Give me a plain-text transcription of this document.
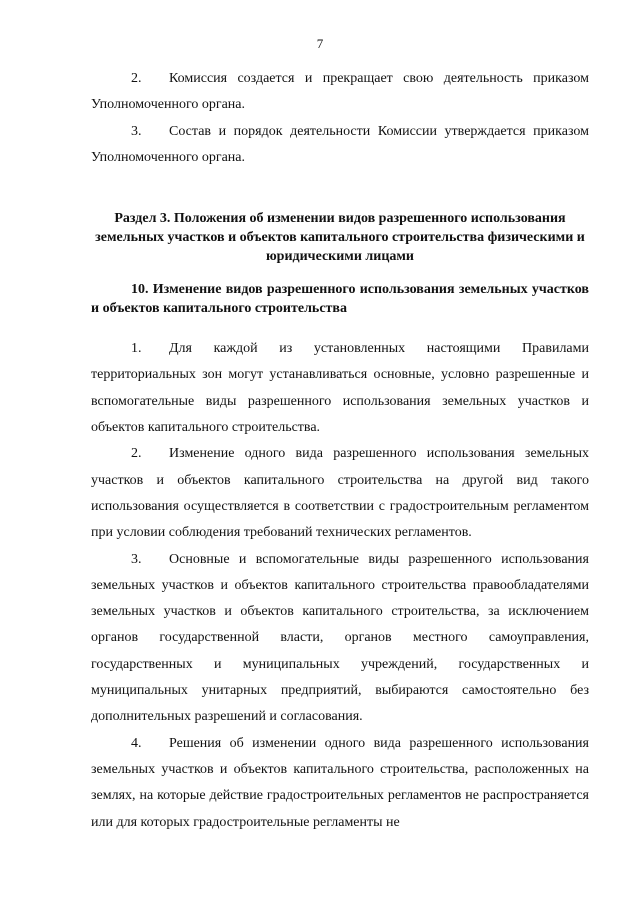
7

2. Комиссия создается и прекращает свою деятельность приказом Уполномоченного органа.

3. Состав и порядок деятельности Комиссии утверждается приказом Уполномоченного органа.

Раздел 3. Положения об изменении видов разрешенного использования земельных участков и объектов капитального строительства физическими и юридическими лицами
10. Изменение видов разрешенного использования земельных участков и объектов капитального строительства

1. Для каждой из установленных настоящими Правилами территориальных зон могут устанавливаться основные, условно разрешенные и вспомогательные виды разрешенного использования земельных участков и объектов капитального строительства.

2. Изменение одного вида разрешенного использования земельных участков и объектов капитального строительства на другой вид такого использования осуществляется в соответствии с градостроительным регламентом при условии соблюдения требований технических регламентов.

3. Основные и вспомогательные виды разрешенного использования земельных участков и объектов капитального строительства правообладателями земельных участков и объектов капитального строительства, за исключением органов государственной власти, органов местного самоуправления, государственных и муниципальных учреждений, государственных и муниципальных унитарных предприятий, выбираются самостоятельно без дополнительных разрешений и согласования.

4. Решения об изменении одного вида разрешенного использования земельных участков и объектов капитального строительства, расположенных на землях, на которые действие градостроительных регламентов не распространяется или для которых градостроительные регламенты не
